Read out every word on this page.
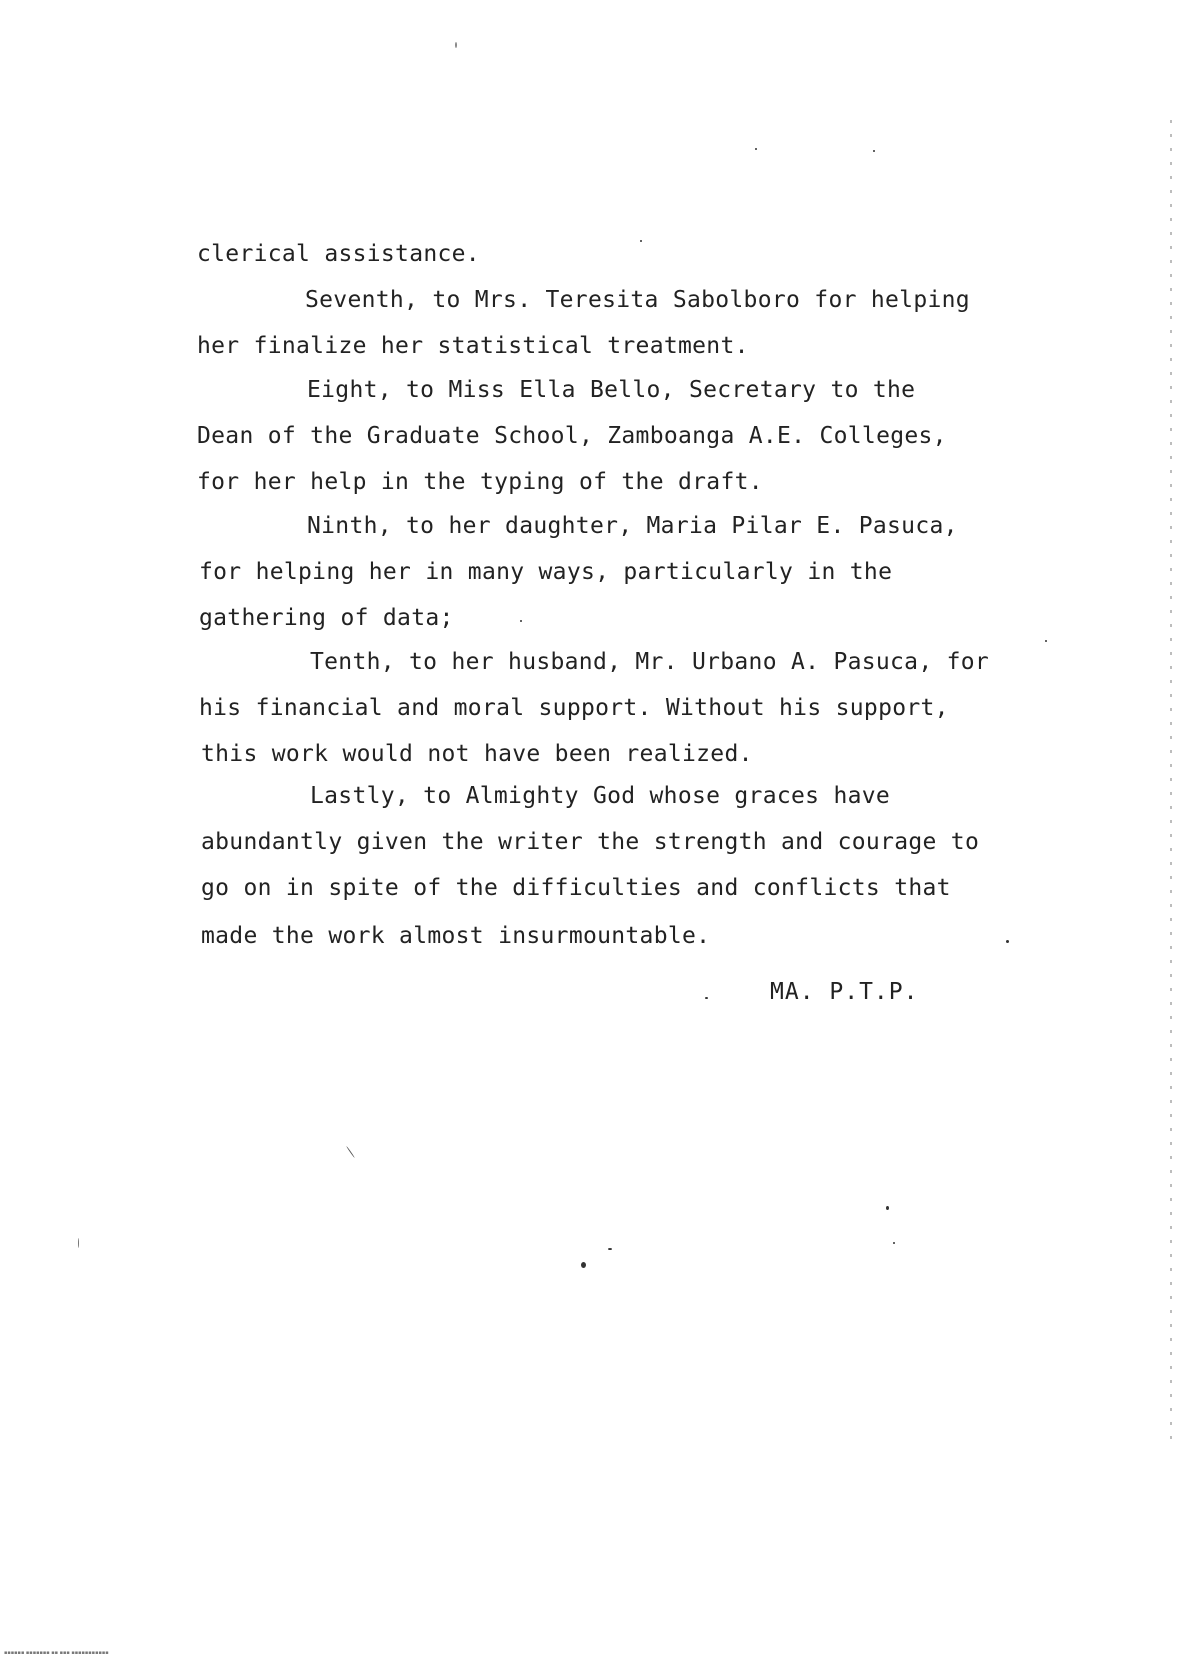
clerical assistance.
Seventh, to Mrs. Teresita Sabolboro for helping
her finalize her statistical treatment.
Eight, to Miss Ella Bello, Secretary to the
Dean of the Graduate School, Zamboanga A.E. Colleges,
for her help in the typing of the draft.
Ninth, to her daughter, Maria Pilar E. Pasuca,
for helping her in many ways, particularly in the
gathering of data;
Tenth, to her husband, Mr. Urbano A. Pasuca, for
his financial and moral support. Without his support,
this work would not have been realized.
Lastly, to Almighty God whose graces have
abundantly given the writer the strength and courage to
go on in spite of the difficulties and conflicts that
made the work almost insurmountable.
MA. P.T.P.
▪▪▪▪▪▪ ▪▪▪▪▪▪▪ ▪▪ ▪▪▪ ▪▪▪▪▪▪▪▪▪▪▪
